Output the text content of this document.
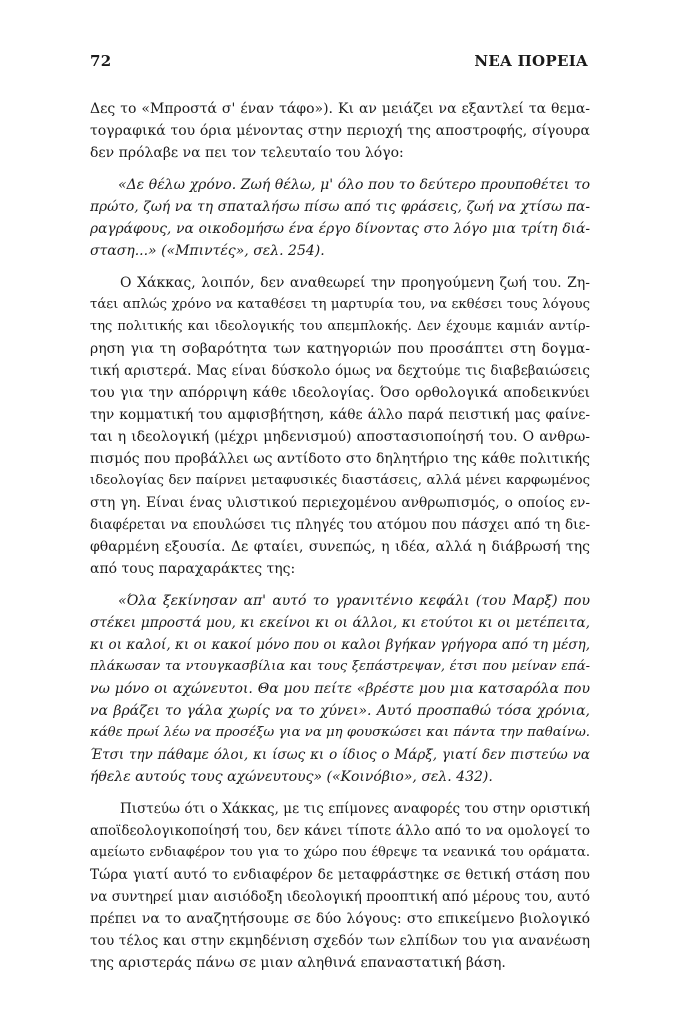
72	ΝΕΑ ΠΟΡΕΙΑ
Δες το «Μπροστά σ' έναν τάφο»). Κι αν μειάζει να εξαντλεί τα θεμα-
τογραφικά του όρια μένοντας στην περιοχή της αποστροφής, σίγουρα
δεν πρόλαβε να πει τον τελευταίο του λόγο:
«Δε θέλω χρόνο. Ζωή θέλω, μ' όλο που το δεύτερο προυποθέτει το
πρώτο, ζωή να τη σπαταλήσω πίσω από τις φράσεις, ζωή να χτίσω πα-
ραγράφους, να οικοδομήσω ένα έργο δίνοντας στο λόγο μια τρίτη διά-
σταση...» («Μπιντές», σελ. 254).
Ο Χάκκας, λοιπόν, δεν αναθεωρεί την προηγούμενη ζωή του. Ζη-
τάει απλώς χρόνο να καταθέσει τη μαρτυρία του, να εκθέσει τους λόγους
της πολιτικής και ιδεολογικής του απεμπλοκής. Δεν έχουμε καμιάν αντίρ-
ρηση για τη σοβαρότητα των κατηγοριών που προσάπτει στη δογμα-
τική αριστερά. Μας είναι δύσκολο όμως να δεχτούμε τις διαβεβαιώσεις
του για την απόρριψη κάθε ιδεολογίας. Όσο ορθολογικά αποδεικνύει
την κομματική του αμφισβήτηση, κάθε άλλο παρά πειστική μας φαίνε-
ται η ιδεολογική (μέχρι μηδενισμού) αποστασιοποίησή του. Ο ανθρω-
πισμός που προβάλλει ως αντίδοτο στο δηλητήριο της κάθε πολιτικής
ιδεολογίας δεν παίρνει μεταφυσικές διαστάσεις, αλλά μένει καρφωμένος
στη γη. Είναι ένας υλιστικού περιεχομένου ανθρωπισμός, ο οποίος εν-
διαφέρεται να επουλώσει τις πληγές του ατόμου που πάσχει από τη διε-
φθαρμένη εξουσία. Δε φταίει, συνεπώς, η ιδέα, αλλά η διάβρωσή της
από τους παραχαράκτες της:
«Όλα ξεκίνησαν απ' αυτό το γρανιτένιο κεφάλι (του Μαρξ) που
στέκει μπροστά μου, κι εκείνοι κι οι άλλοι, κι ετούτοι κι οι μετέπειτα,
κι οι καλοί, κι οι κακοί μόνο που οι καλοι βγήκαν γρήγορα από τη μέση,
πλάκωσαν τα ντουγκασβίλια και τους ξεπάστρεψαν, έτσι που μείναν επά-
νω μόνο οι αχώνευτοι. Θα μου πείτε «βρέστε μου μια κατσαρόλα που
να βράζει το γάλα χωρίς να το χύνει». Αυτό προσπαθώ τόσα χρόνια,
κάθε πρωί λέω να προσέξω για να μη φουσκώσει και πάντα την παθαίνω.
Έτσι την πάθαμε όλοι, κι ίσως κι ο ίδιος ο Μάρξ, γιατί δεν πιστεύω να
ήθελε αυτούς τους αχώνευτους» («Κοινόβιο», σελ. 432).
Πιστεύω ότι ο Χάκκας, με τις επίμονες αναφορές του στην οριστική
αποϊδεολογικοποίησή του, δεν κάνει τίποτε άλλο από το να ομολογεί το
αμείωτο ενδιαφέρον του για το χώρο που έθρεψε τα νεανικά του οράματα.
Τώρα γιατί αυτό το ενδιαφέρον δε μεταφράστηκε σε θετική στάση που
να συντηρεί μιαν αισιόδοξη ιδεολογική προοπτική από μέρους του, αυτό
πρέπει να το αναζητήσουμε σε δύο λόγους: στο επικείμενο βιολογικό
του τέλος και στην εκμηδένιση σχεδόν των ελπίδων του για ανανέωση
της αριστεράς πάνω σε μιαν αληθινά επαναστατική βάση.
